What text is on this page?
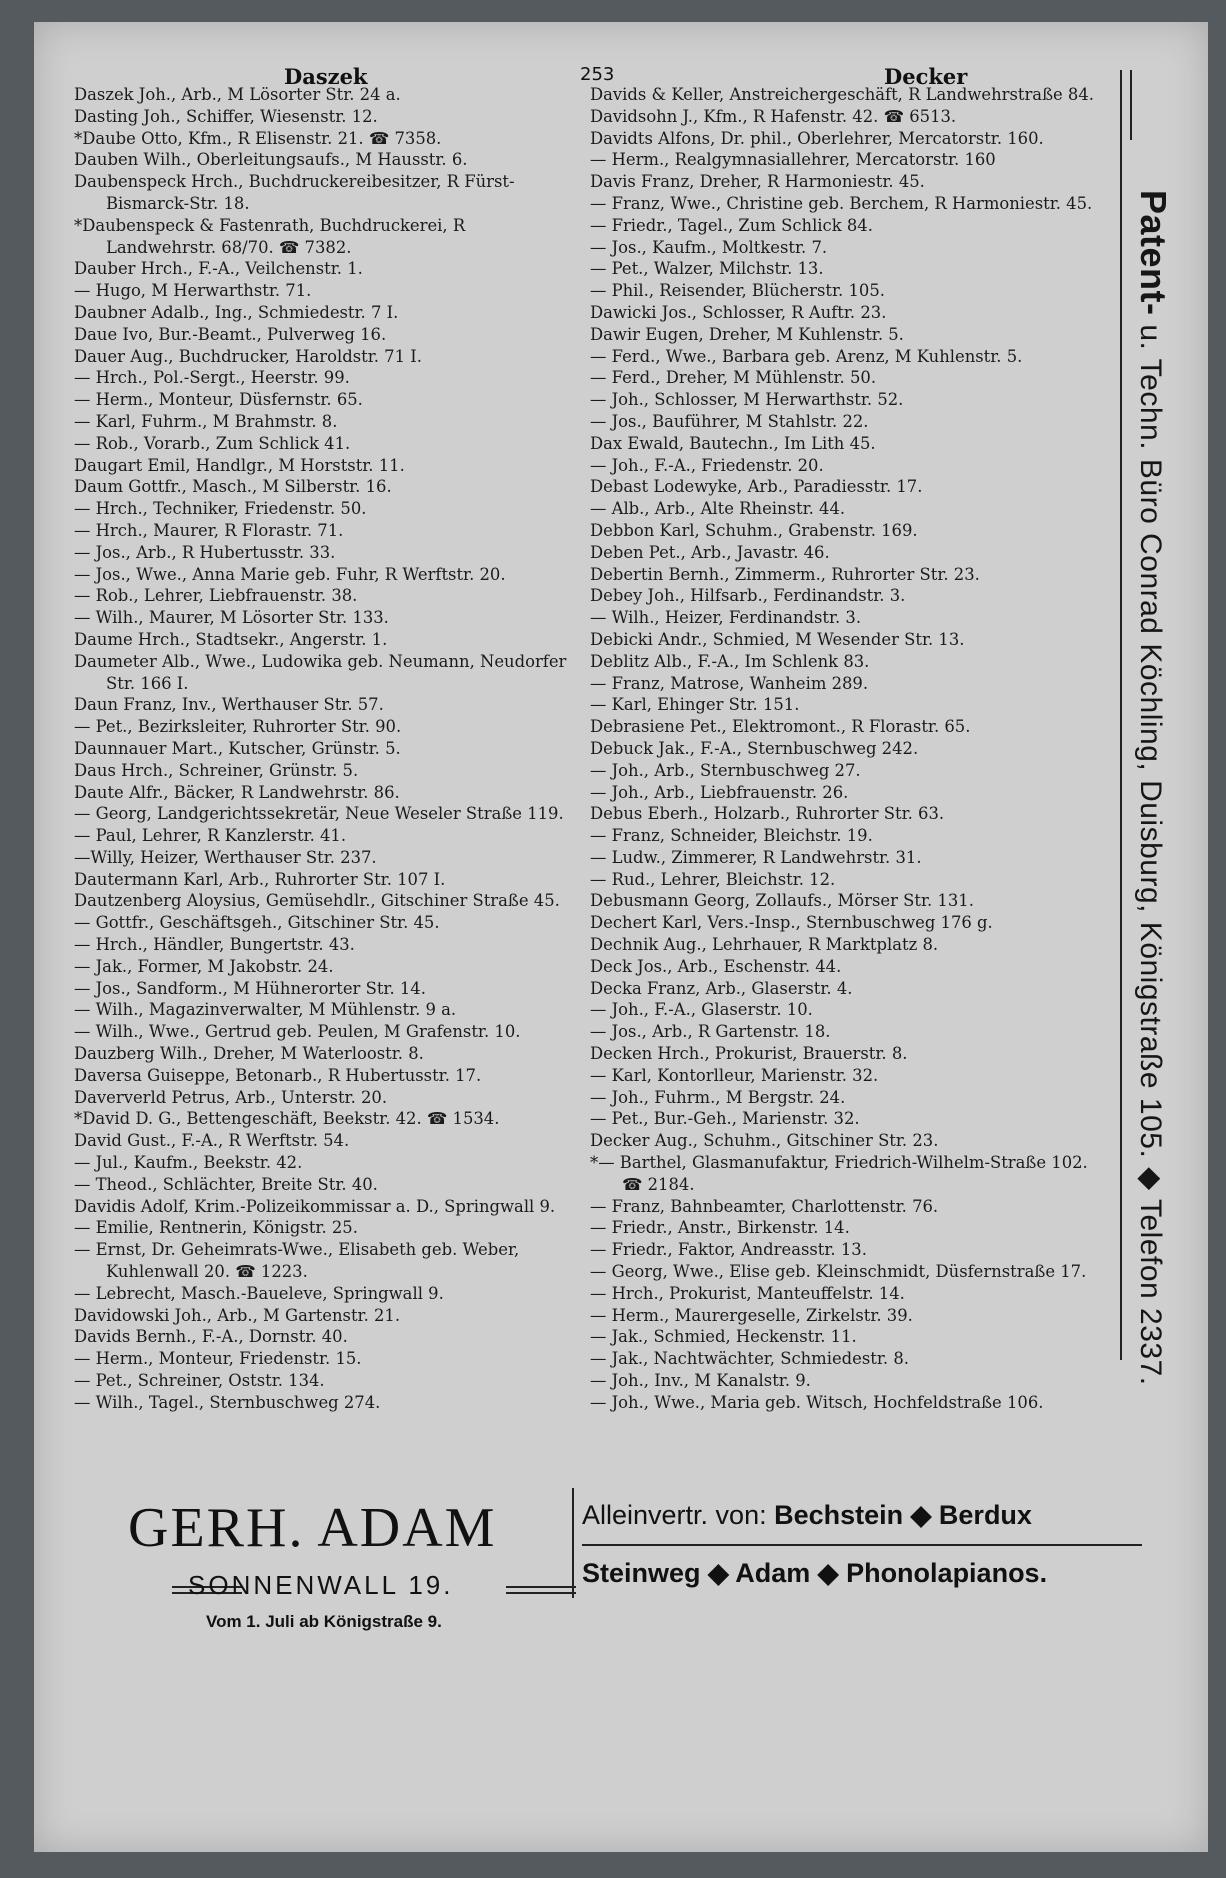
Daszek	253	Decker
Daszek Joh., Arb., M Lösorter Str. 24 a.
Dasting Joh., Schiffer, Wiesenstr. 12.
*Daube Otto, Kfm., R Elisenstr. 21. ☎ 7358.
Dauben Wilh., Oberleitungsaufs., M Hausstr. 6.
Daubenspeck Hrch., Buchdruckereibesitzer, R Fürst-Bismarck-Str. 18.
*Daubenspeck & Fastenrath, Buchdruckerei, R Landwehrstr. 68/70. ☎ 7382.
Dauber Hrch., F.-A., Veilchenstr. 1.
— Hugo, M Herwarthstr. 71.
Daubner Adalb., Ing., Schmiedestr. 7 I.
Daue Ivo, Bur.-Beamt., Pulverweg 16.
Dauer Aug., Buchdrucker, Haroldstr. 71 I.
— Hrch., Pol.-Sergt., Heerstr. 99.
— Herm., Monteur, Düsfernstr. 65.
— Karl, Fuhrm., M Brahmstr. 8.
— Rob., Vorarb., Zum Schlick 41.
Daugart Emil, Handlgr., M Horststr. 11.
Daum Gottfr., Masch., M Silberstr. 16.
— Hrch., Techniker, Friedenstr. 50.
— Hrch., Maurer, R Florastr. 71.
— Jos., Arb., R Hubertusstr. 33.
— Jos., Wwe., Anna Marie geb. Fuhr, R Werftstr. 20.
— Rob., Lehrer, Liebfrauenstr. 38.
— Wilh., Maurer, M Lösorter Str. 133.
Daume Hrch., Stadtsekr., Angerstr. 1.
Daumeter Alb., Wwe., Ludowika geb. Neumann, Neudorfer Str. 166 I.
Daun Franz, Inv., Werthauser Str. 57.
— Pet., Bezirksleiter, Ruhrorter Str. 90.
Daunnauer Mart., Kutscher, Grünstr. 5.
Daus Hrch., Schreiner, Grünstr. 5.
Daute Alfr., Bäcker, R Landwehrstr. 86.
— Georg, Landgerichtssekretär, Neue Weseler Straße 119.
— Paul, Lehrer, R Kanzlerstr. 41.
—Willy, Heizer, Werthauser Str. 237.
Dautermann Karl, Arb., Ruhrorter Str. 107 I.
Dautzenberg Aloysius, Gemüsehdlr., Gitschiner Straße 45.
— Gottfr., Geschäftsgeh., Gitschiner Str. 45.
— Hrch., Händler, Bungertstr. 43.
— Jak., Former, M Jakobstr. 24.
— Jos., Sandform., M Hühnerorter Str. 14.
— Wilh., Magazinverwalter, M Mühlenstr. 9 a.
— Wilh., Wwe., Gertrud geb. Peulen, M Grafenstr. 10.
Dauzberg Wilh., Dreher, M Waterloostr. 8.
Daversa Guiseppe, Betonarb., R Hubertusstr. 17.
Daververld Petrus, Arb., Unterstr. 20.
*David D. G., Bettengeschäft, Beekstr. 42. ☎ 1534.
David Gust., F.-A., R Werftstr. 54.
— Jul., Kaufm., Beekstr. 42.
— Theod., Schlächter, Breite Str. 40.
Davidis Adolf, Krim.-Polizeikommissar a. D., Springwall 9.
— Emilie, Rentnerin, Königstr. 25.
— Ernst, Dr. Geheimrats-Wwe., Elisabeth geb. Weber, Kuhlenwall 20. ☎ 1223.
— Lebrecht, Masch.-Baueleve, Springwall 9.
Davidowski Joh., Arb., M Gartenstr. 21.
Davids Bernh., F.-A., Dornstr. 40.
— Herm., Monteur, Friedenstr. 15.
— Pet., Schreiner, Oststr. 134.
— Wilh., Tagel., Sternbuschweg 274.
Davids & Keller, Anstreichergeschäft, R Landwehrstraße 84.
Davidsohn J., Kfm., R Hafenstr. 42. ☎ 6513.
Davidts Alfons, Dr. phil., Oberlehrer, Mercatorstr. 160.
— Herm., Realgymnasiallehrer, Mercatorstr. 160
Davis Franz, Dreher, R Harmoniestr. 45.
— Franz, Wwe., Christine geb. Berchem, R Harmoniestr. 45.
— Friedr., Tagel., Zum Schlick 84.
— Jos., Kaufm., Moltkestr. 7.
— Pet., Walzer, Milchstr. 13.
— Phil., Reisender, Blücherstr. 105.
Dawicki Jos., Schlosser, R Auftr. 23.
Dawir Eugen, Dreher, M Kuhlenstr. 5.
— Ferd., Wwe., Barbara geb. Arenz, M Kuhlenstr. 5.
— Ferd., Dreher, M Mühlenstr. 50.
— Joh., Schlosser, M Herwarthstr. 52.
— Jos., Bauführer, M Stahlstr. 22.
Dax Ewald, Bautechn., Im Lith 45.
— Joh., F.-A., Friedenstr. 20.
Debast Lodewyke, Arb., Paradiesstr. 17.
— Alb., Arb., Alte Rheinstr. 44.
Debbon Karl, Schuhm., Grabenstr. 169.
Deben Pet., Arb., Javastr. 46.
Debertin Bernh., Zimmerm., Ruhrorter Str. 23.
Debey Joh., Hilfsarb., Ferdinandstr. 3.
— Wilh., Heizer, Ferdinandstr. 3.
Debicki Andr., Schmied, M Wesender Str. 13.
Deblitz Alb., F.-A., Im Schlenk 83.
— Franz, Matrose, Wanheim 289.
— Karl, Ehinger Str. 151.
Debrasiene Pet., Elektromont., R Florastr. 65.
Debuck Jak., F.-A., Sternbuschweg 242.
— Joh., Arb., Sternbuschweg 27.
— Joh., Arb., Liebfrauenstr. 26.
Debus Eberh., Holzarb., Ruhrorter Str. 63.
— Franz, Schneider, Bleichstr. 19.
— Ludw., Zimmerer, R Landwehrstr. 31.
— Rud., Lehrer, Bleichstr. 12.
Debusmann Georg, Zollaufs., Mörser Str. 131.
Dechert Karl, Vers.-Insp., Sternbuschweg 176 g.
Dechnik Aug., Lehrhauer, R Marktplatz 8.
Deck Jos., Arb., Eschenstr. 44.
Decka Franz, Arb., Glaserstr. 4.
— Joh., F.-A., Glaserstr. 10.
— Jos., Arb., R Gartenstr. 18.
Decken Hrch., Prokurist, Brauerstr. 8.
— Karl, Kontorlleur, Marienstr. 32.
— Joh., Fuhrm., M Bergstr. 24.
— Pet., Bur.-Geh., Marienstr. 32.
Decker Aug., Schuhm., Gitschiner Str. 23.
*— Barthel, Glasmanufaktur, Friedrich-Wilhelm-Straße 102. ☎ 2184.
— Franz, Bahnbeamter, Charlottenstr. 76.
— Friedr., Anstr., Birkenstr. 14.
— Friedr., Faktor, Andreasstr. 13.
— Georg, Wwe., Elise geb. Kleinschmidt, Düsfernstraße 17.
— Hrch., Prokurist, Manteuffelstr. 14.
— Herm., Maurergeselle, Zirkelstr. 39.
— Jak., Schmied, Heckenstr. 11.
— Jak., Nachtwächter, Schmiedestr. 8.
— Joh., Inv., M Kanalstr. 9.
— Joh., Wwe., Maria geb. Witsch, Hochfeldstraße 106.
Patent- u. Techn. Büro Conrad Köchling, Duisburg, Königstraße 105. ◆ Telefon 2337.
GERH. ADAM
SONNENWALL 19.
Vom 1. Juli ab Königstraße 9.
Alleinvertr. von: Bechstein ◆ Berdux
Steinweg ◆ Adam ◆ Phonolapianos.
